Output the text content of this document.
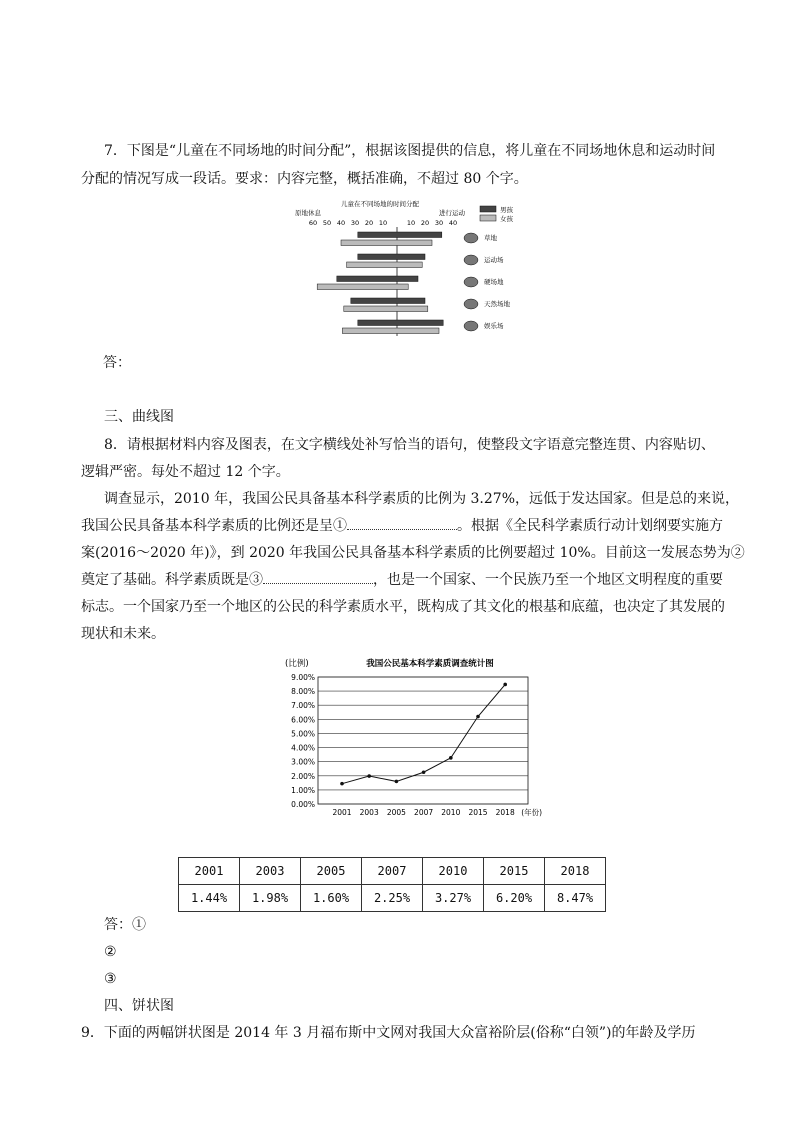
7．下图是“儿童在不同场地的时间分配”，根据该图提供的信息，将儿童在不同场地休息和运动时间
分配的情况写成一段话。要求：内容完整，概括准确，不超过 80 个字。
儿童在不同场地的时间分配
原地休息	进行运动
60 50 40 30 20 10	10 20 30 40
男孩
女孩
草地
运动场
硬场地
天然场地
娱乐场
答：
三、曲线图
8．请根据材料内容及图表，在文字横线处补写恰当的语句，使整段文字语意完整连贯、内容贴切、
逻辑严密。每处不超过 12 个字。
调查显示，2010 年，我国公民具备基本科学素质的比例为 3.27%，远低于发达国家。但是总的来说，
我国公民具备基本科学素质的比例还是呈①	。根据《全民科学素质行动计划纲要实施方
案(2016～2020 年)》，到 2020 年我国公民具备基本科学素质的比例要超过 10%。目前这一发展态势为②
奠定了基础。科学素质既是③	，也是一个国家、一个民族乃至一个地区文明程度的重要
标志。一个国家乃至一个地区的公民的科学素质水平，既构成了其文化的根基和底蕴，也决定了其发展的
现状和未来。
(比例)	我国公民基本科学素质调查统计图
0.00%
1.00%
2.00%
3.00%
4.00%
5.00%
6.00%
7.00%
8.00%
9.00%
2001 2003 2005 2007 2010 2015 2018 (年份)
2001	2003	2005	2007	2010	2015	2018
1.44%	1.98%	1.60%	2.25%	3.27%	6.20%	8.47%
答：①
②
③
四、饼状图
9．下面的两幅饼状图是 2014 年 3 月福布斯中文网对我国大众富裕阶层(俗称“白领”)的年龄及学历
